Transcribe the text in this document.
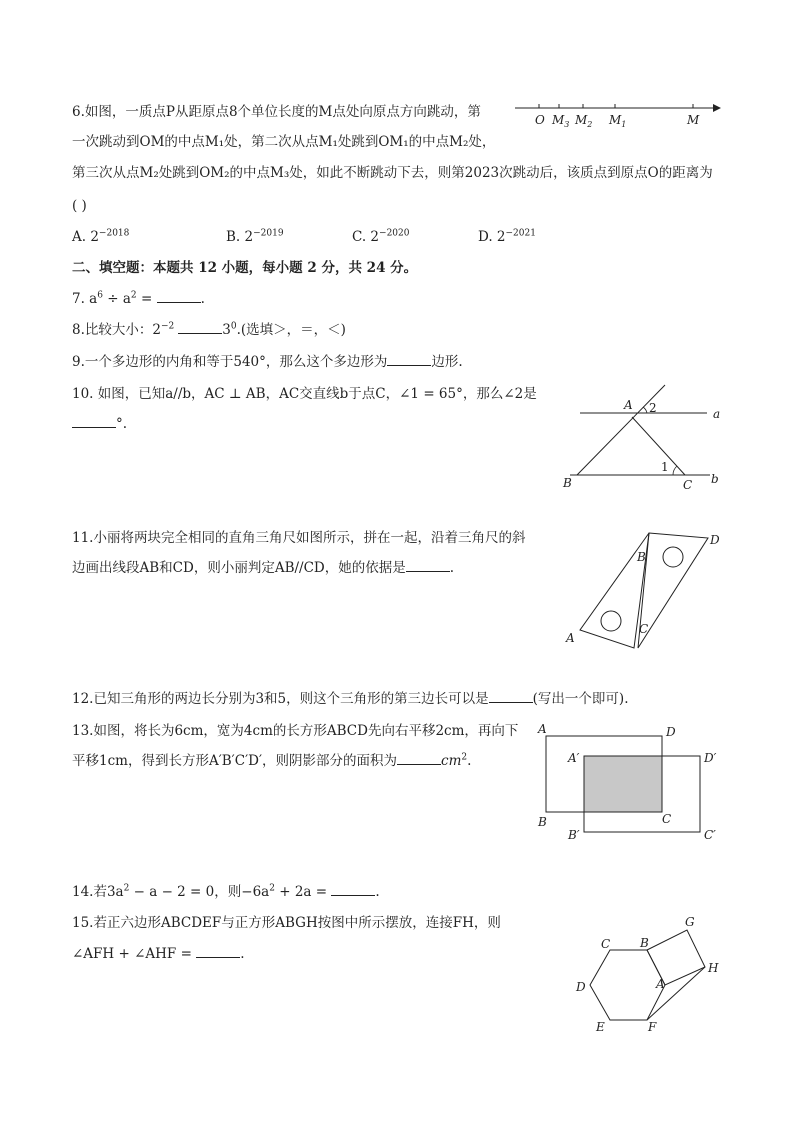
6.如图，一质点P从距原点8个单位长度的M点处向原点方向跳动，第
一次跳动到OM的中点M₁处，第二次从点M₁处跳到OM₁的中点M₂处，
第三次从点M₂处跳到OM₂的中点M₃处，如此不断跳动下去，则第2023次跳动后，该质点到原点O的距离为
( )
A. $2^{-2018}$	B. $2^{-2019}$	C. $2^{-2020}$	D. $2^{-2021}$
O $M_3$ $M_2$ $M_1$	M
二、填空题：本题共 12 小题，每小题 2 分，共 24 分。
7. $a^6 \div a^2$ =	.
8.比较大小：$2^{-2}$	$3^0$.(选填＞，＝，＜)
9.一个多边形的内角和等于540°，那么这个多边形为	边形.
10. 如图，已知a//b，AC ⊥ AB，AC交直线b于点C，∠1 = 65°，那么∠2是
°.
A 2	a
1
B	C b
11.小丽将两块完全相同的直角三角尺如图所示，拼在一起，沿着三角尺的斜
边画出线段AB和CD，则小丽判定AB//CD，她的依据是	.
B
D
C
A
12.已知三角形的两边长分别为3和5，则这个三角形的第三边长可以是	(写出一个即可).
13.如图，将长为6cm，宽为4cm的长方形ABCD先向右平移2cm，再向下
平移1cm，得到长方形A′B′C′D′，则阴影部分的面积为	$cm^2$.
A	D
A′	D′
B	C
B′	C′
14.若$3a^2 - a - 2 = 0$，则$-6a^2 + 2a$ =	.
15.若正六边形ABCDEF与正方形ABGH按图中所示摆放，连接FH，则
∠AFH + ∠AHF =	.
C B
G
H
D	A
E	F
